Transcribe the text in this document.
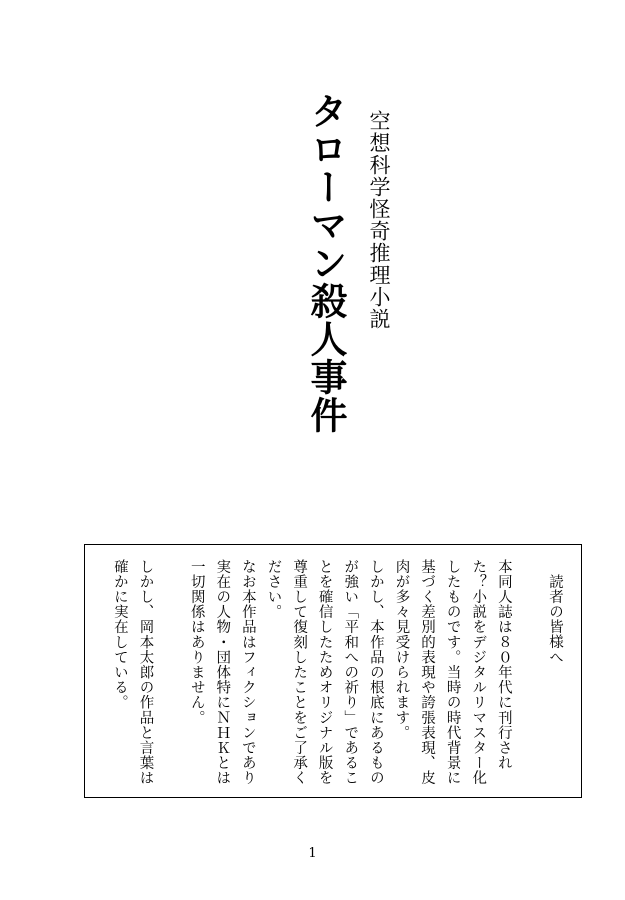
タローマン殺人事件 空想科学怪奇推理小説

読者の皆様へ

本同人誌は８０年代に刊行された？小説をデジタルリマスター化したものです。当時の時代背景に基づく差別的表現や誇張表現、皮肉が多々見受けられます。

しかし、本作品の根底にあるものが強い「平和への祈り」であることを確信したためオリジナル版を尊重して復刻したことをご了承ください。

なお本作品はフィクションであり実在の人物・団体特にＮＨＫとは一切関係はありません。

しかし、岡本太郎の作品と言葉は確かに実在している。

1
